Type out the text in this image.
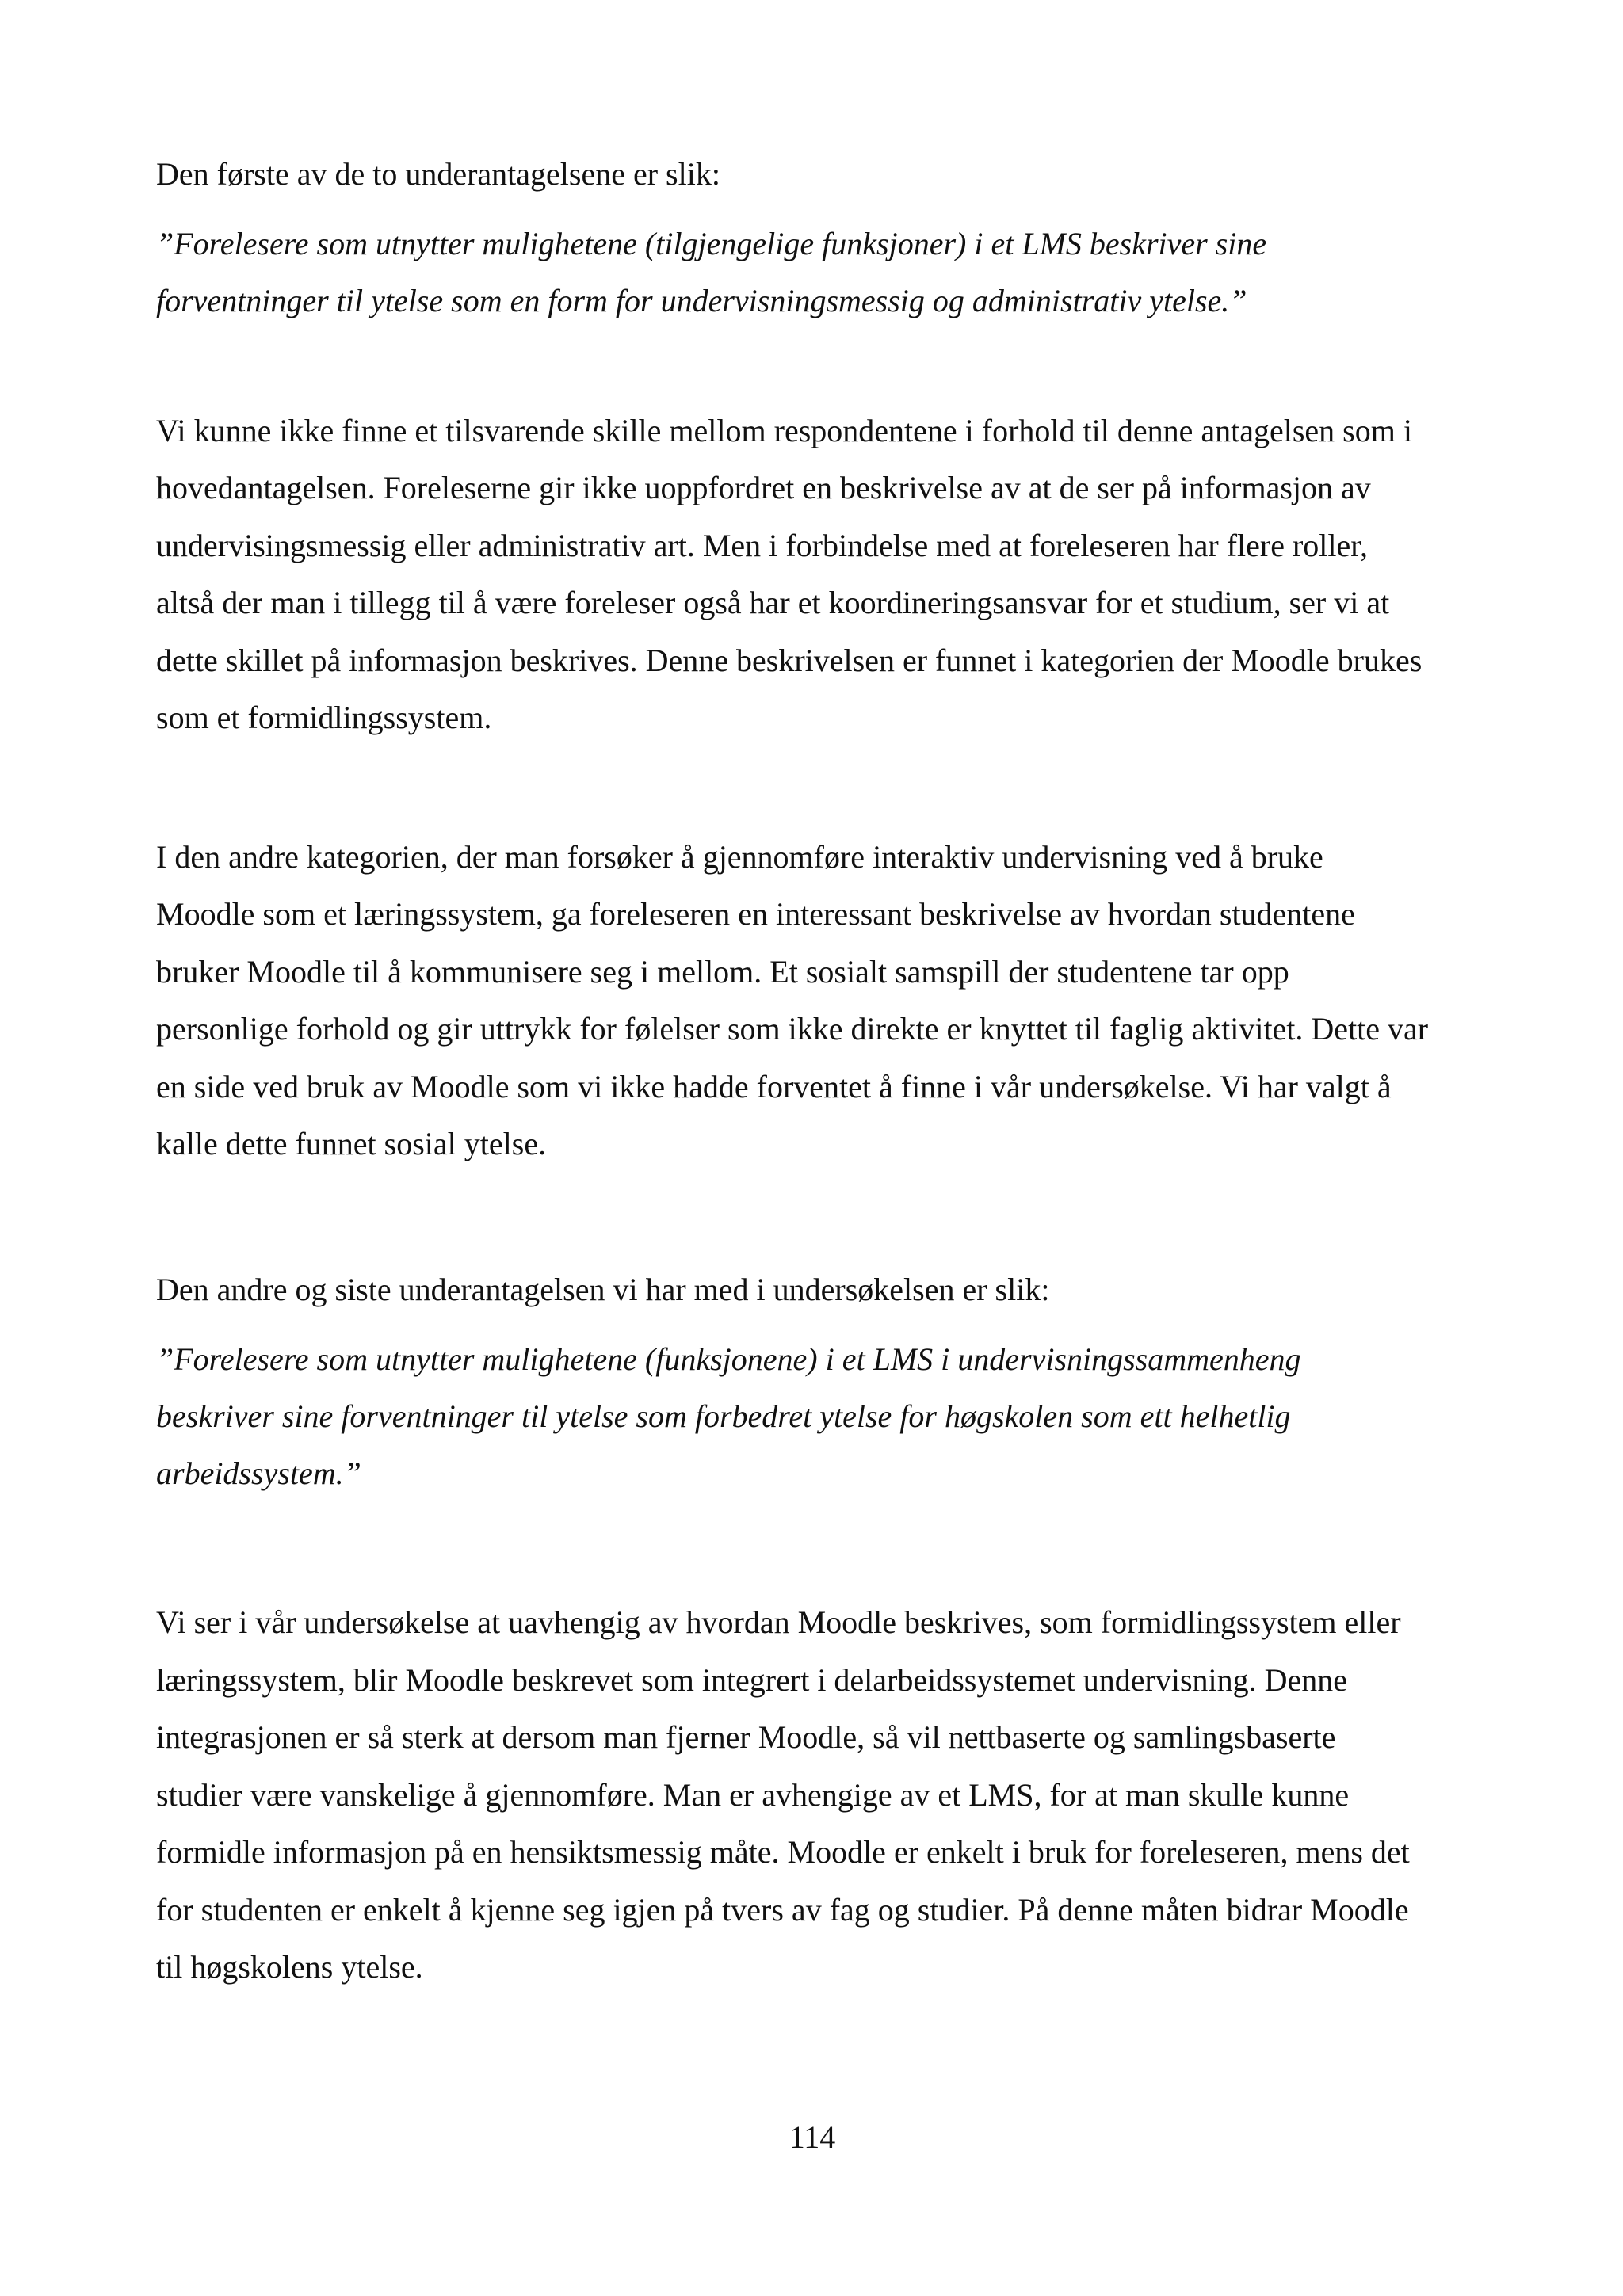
Den første av de to underantagelsene er slik:

”Forelesere som utnytter mulighetene (tilgjengelige funksjoner) i et LMS beskriver sine

forventninger til ytelse som en form for undervisningsmessig og administrativ ytelse.”

Vi kunne ikke finne et tilsvarende skille mellom respondentene i forhold til denne antagelsen som i

hovedantagelsen. Foreleserne gir ikke uoppfordret en beskrivelse av at de ser på informasjon av

undervisingsmessig eller administrativ art. Men i forbindelse med at foreleseren har flere roller,

altså der man i tillegg til å være foreleser også har et koordineringsansvar for et studium, ser vi at

dette skillet på informasjon beskrives. Denne beskrivelsen er funnet i kategorien der Moodle brukes

som et formidlingssystem.

I den andre kategorien, der man forsøker å gjennomføre interaktiv undervisning ved å bruke

Moodle som et læringssystem, ga foreleseren en interessant beskrivelse av hvordan studentene

bruker Moodle til å kommunisere seg i mellom. Et sosialt samspill der studentene tar opp

personlige forhold og gir uttrykk for følelser som ikke direkte er knyttet til faglig aktivitet. Dette var

en side ved bruk av Moodle som vi ikke hadde forventet å finne i vår undersøkelse. Vi har valgt å

kalle dette funnet sosial ytelse.

Den andre og siste underantagelsen vi har med i undersøkelsen er slik:

”Forelesere som utnytter mulighetene (funksjonene) i et LMS i undervisningssammenheng

beskriver sine forventninger til ytelse som forbedret ytelse for høgskolen som ett helhetlig

arbeidssystem.”

Vi ser i vår undersøkelse at uavhengig av hvordan Moodle beskrives, som formidlingssystem eller

læringssystem, blir Moodle beskrevet som integrert i delarbeidssystemet undervisning. Denne

integrasjonen er så sterk at dersom man fjerner Moodle, så vil nettbaserte og samlingsbaserte

studier være vanskelige å gjennomføre. Man er avhengige av et LMS, for at man skulle kunne

formidle informasjon på en hensiktsmessig måte. Moodle er enkelt i bruk for foreleseren, mens det

for studenten er enkelt å kjenne seg igjen på tvers av fag og studier. På denne måten bidrar Moodle

til høgskolens ytelse.

114
